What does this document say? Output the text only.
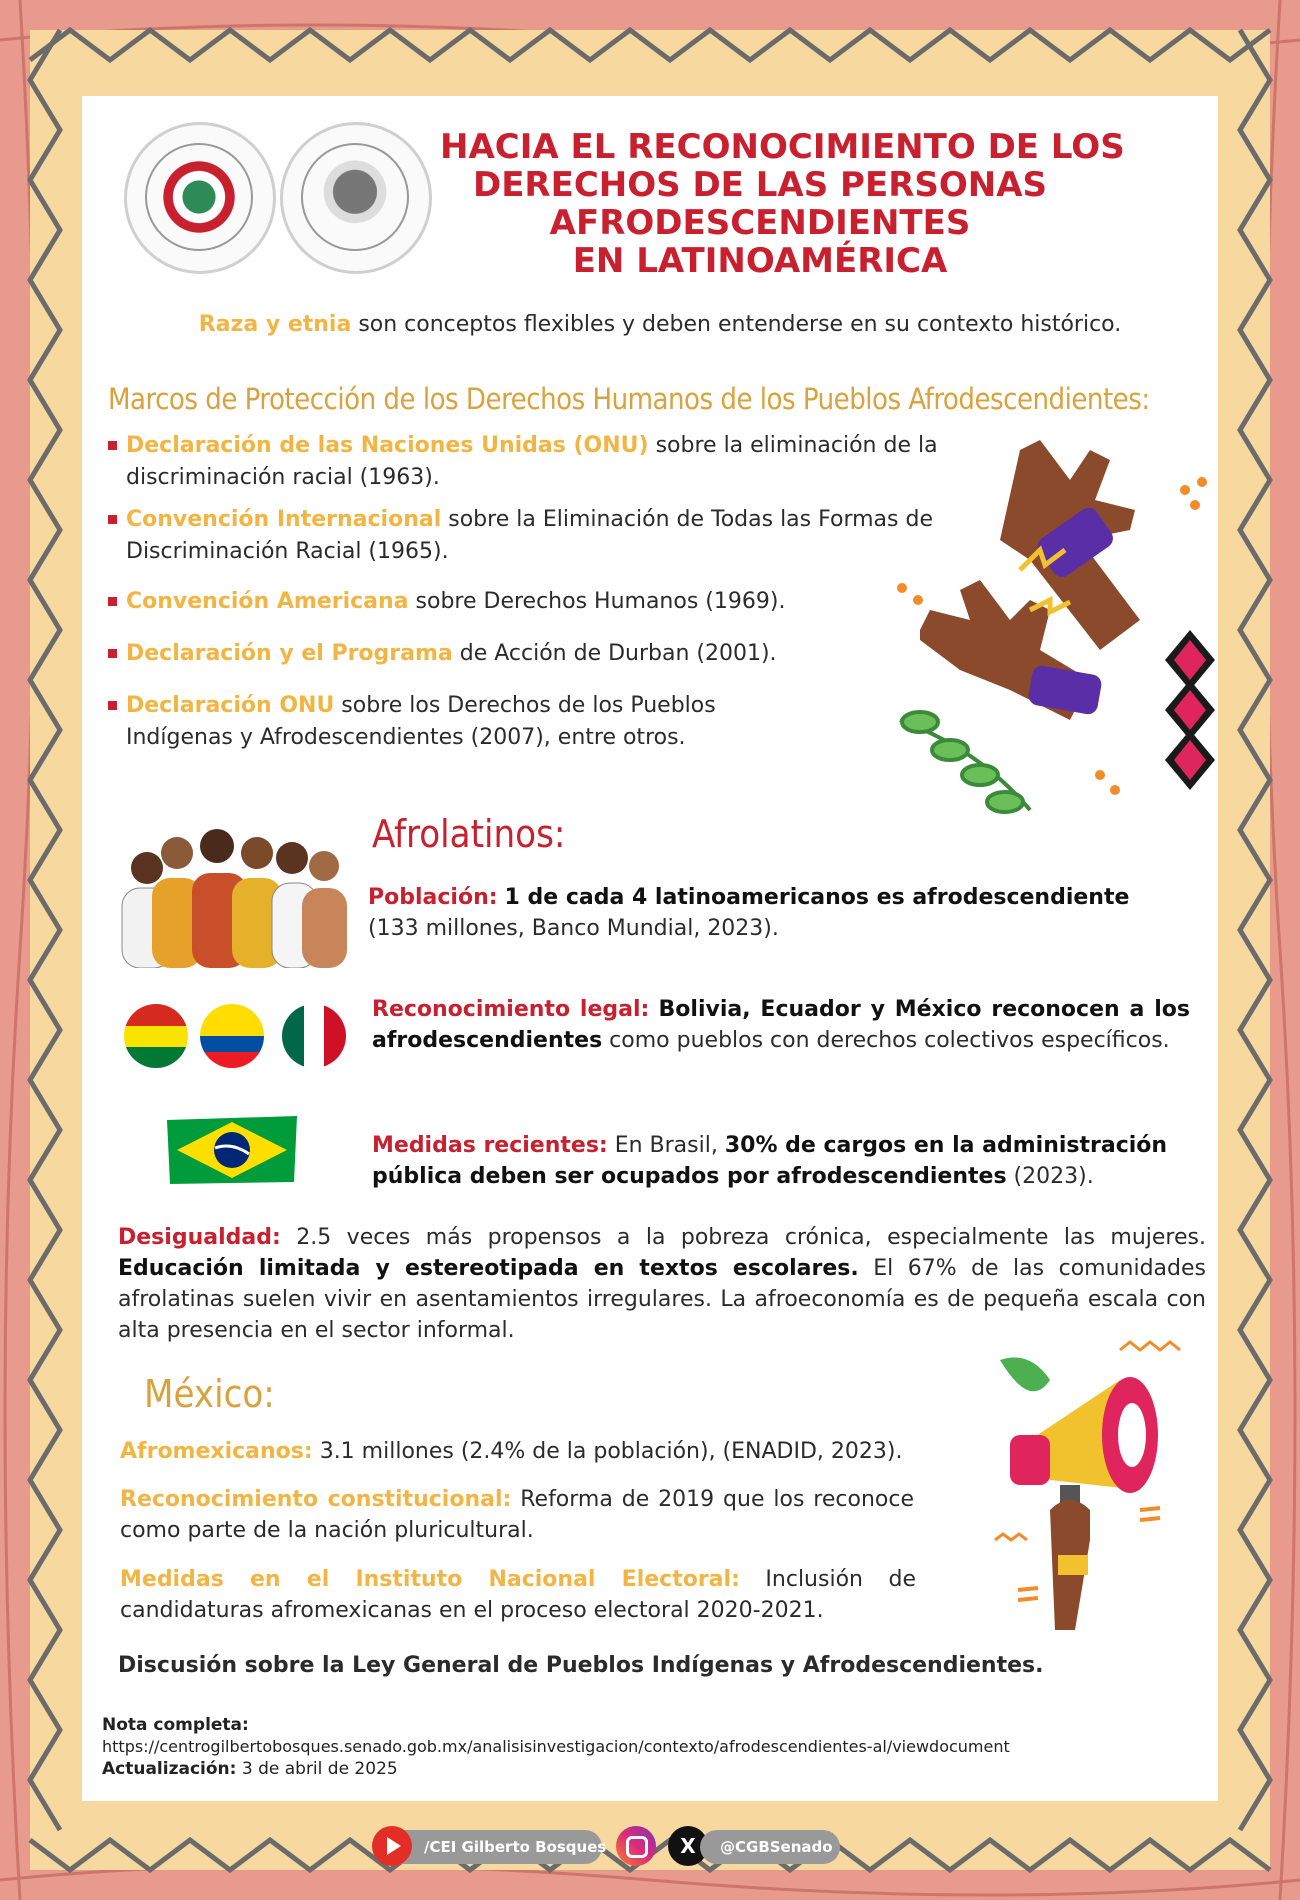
HACIA EL RECONOCIMIENTO DE LOS
DERECHOS DE LAS PERSONAS
AFRODESCENDIENTES
EN LATINOAMÉRICA
Raza y etnia son conceptos flexibles y deben entenderse en su contexto histórico.
Marcos de Protección de los Derechos Humanos de los Pueblos Afrodescendientes:
Declaración de las Naciones Unidas (ONU) sobre la eliminación de la discriminación racial (1963).
Convención Internacional sobre la Eliminación de Todas las Formas de Discriminación Racial (1965).
Convención Americana sobre Derechos Humanos (1969).
Declaración y el Programa de Acción de Durban (2001).
Declaración ONU sobre los Derechos de los Pueblos Indígenas y Afrodescendientes (2007), entre otros.
Afrolatinos:
Población: 1 de cada 4 latinoamericanos es afrodescendiente
(133 millones, Banco Mundial, 2023).
Reconocimiento legal: Bolivia, Ecuador y México reconocen a los afrodescendientes como pueblos con derechos colectivos específicos.
Medidas recientes: En Brasil, 30% de cargos en la administración pública deben ser ocupados por afrodescendientes (2023).
Desigualdad: 2.5 veces más propensos a la pobreza crónica, especialmente las mujeres. Educación limitada y estereotipada en textos escolares. El 67% de las comunidades afrolatinas suelen vivir en asentamientos irregulares. La afroeconomía es de pequeña escala con alta presencia en el sector informal.
México:
Afromexicanos: 3.1 millones (2.4% de la población), (ENADID, 2023).
Reconocimiento constitucional: Reforma de 2019 que los reconoce como parte de la nación pluricultural.
Medidas en el Instituto Nacional Electoral: Inclusión de candidaturas afromexicanas en el proceso electoral 2020-2021.
Discusión sobre la Ley General de Pueblos Indígenas y Afrodescendientes.
Nota completa:
https://centrogilbertobosques.senado.gob.mx/analisisinvestigacion/contexto/afrodescendientes-al/viewdocument
Actualización: 3 de abril de 2025
/CEI Gilberto Bosques	X	@CGBSenado
